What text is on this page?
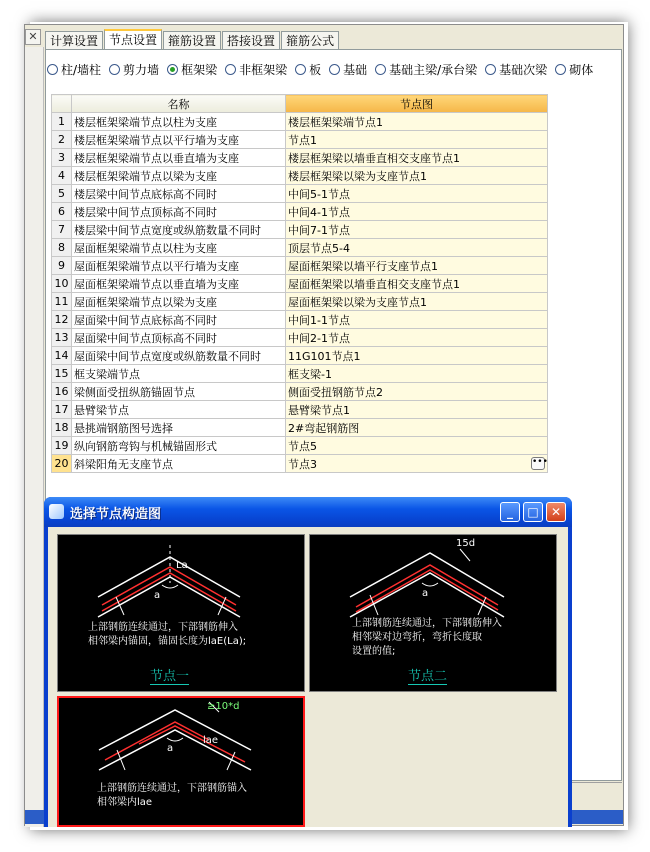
✕	计算设置 节点设置 箍筋设置 搭接设置 箍筋公式
柱/墙柱 剪力墙 框架梁 非框架梁 板 基础 基础主梁/承台梁 基础次梁 砌体
	名称	节点图
1	楼层框架梁端节点以柱为支座	楼层框架梁端节点1
2	楼层框架梁端节点以平行墙为支座	节点1
3	楼层框架梁端节点以垂直墙为支座	楼层框架梁以墙垂直相交支座节点1
4	楼层框架梁端节点以梁为支座	楼层框架梁以梁为支座节点1
5	楼层梁中间节点底标高不同时	中间5-1节点
6	楼层梁中间节点顶标高不同时	中间4-1节点
7	楼层梁中间节点宽度或纵筋数量不同时	中间7-1节点
8	屋面框架梁端节点以柱为支座	顶层节点5-4
9	屋面框架梁端节点以平行墙为支座	屋面框架梁以墙平行支座节点1
10	屋面框架梁端节点以垂直墙为支座	屋面框架梁以墙垂直相交支座节点1
11	屋面框架梁端节点以梁为支座	屋面框架梁以梁为支座节点1
12	屋面梁中间节点底标高不同时	中间1-1节点
13	屋面梁中间节点顶标高不同时	中间2-1节点
14	屋面梁中间节点宽度或纵筋数量不同时	11G101节点1
15	框支梁端节点	框支梁-1
16	梁侧面受扭纵筋锚固节点	侧面受扭钢筋节点2
17	悬臂梁节点	悬臂梁节点1
18	悬挑端钢筋图号选择	2#弯起钢筋图
19	纵向钢筋弯钩与机械锚固形式	节点5
20	斜梁阳角无支座节点	节点3 •••
选择节点构造图	_	□	✕
La
a
上部钢筋连续通过，下部钢筋伸入
相邻梁内锚固，锚固长度为laE(La);
节点一
15d
a
上部钢筋连续通过，下部钢筋伸入
相邻梁对边弯折，弯折长度取
设置的值;
节点二
≥10*d
lae
a
上部钢筋连续通过，下部钢筋锚入
相邻梁内lae
